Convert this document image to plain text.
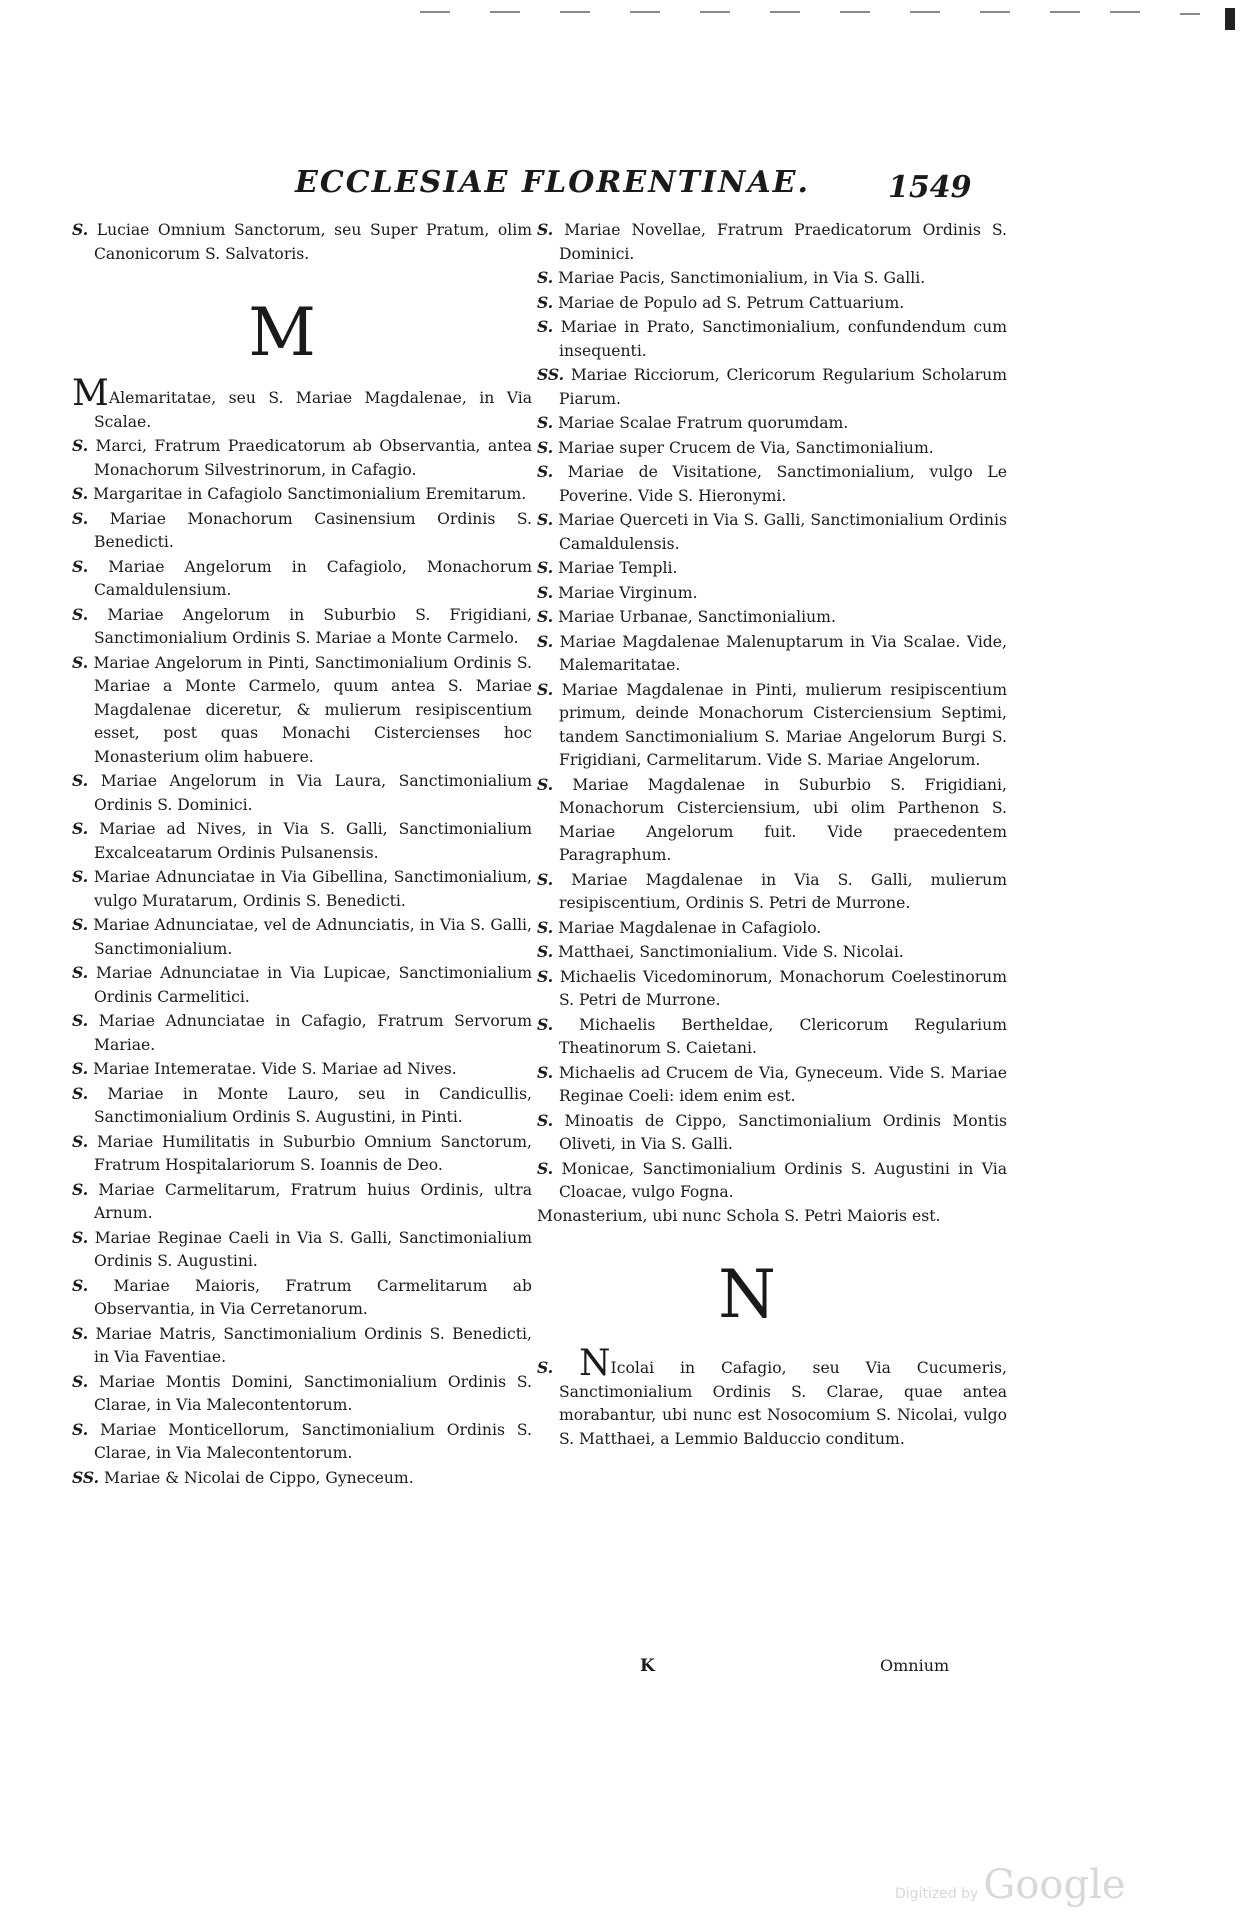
ECCLESIAE FLORENTINAE.	1549

S. Luciae Omnium Sanctorum, seu Super Pratum, olim Canonicorum S. Salvatoris.

M

MAlemaritatae, seu S. Mariae Magdalenae, in Via Scalae.

S. Marci, Fratrum Praedicatorum ab Observantia, antea Monachorum Silvestrinorum, in Cafagio.

S. Margaritae in Cafagiolo Sanctimonialium Eremitarum.

S. Mariae Monachorum Casinensium Ordinis S. Benedicti.

S. Mariae Angelorum in Cafagiolo, Monachorum Camaldulensium.

S. Mariae Angelorum in Suburbio S. Frigidiani, Sanctimonialium Ordinis S. Mariae a Monte Carmelo.

S. Mariae Angelorum in Pinti, Sanctimonialium Ordinis S. Mariae a Monte Carmelo, quum antea S. Mariae Magdalenae diceretur, & mulierum resipiscentium esset, post quas Monachi Cistercienses hoc Monasterium olim habuere.

S. Mariae Angelorum in Via Laura, Sanctimonialium Ordinis S. Dominici.

S. Mariae ad Nives, in Via S. Galli, Sanctimonialium Excalceatarum Ordinis Pulsanensis.

S. Mariae Adnunciatae in Via Gibellina, Sanctimonialium, vulgo Muratarum, Ordinis S. Benedicti.

S. Mariae Adnunciatae, vel de Adnunciatis, in Via S. Galli, Sanctimonialium.

S. Mariae Adnunciatae in Via Lupicae, Sanctimonialium Ordinis Carmelitici.

S. Mariae Adnunciatae in Cafagio, Fratrum Servorum Mariae.

S. Mariae Intemeratae. Vide S. Mariae ad Nives.

S. Mariae in Monte Lauro, seu in Candicullis, Sanctimonialium Ordinis S. Augustini, in Pinti.

S. Mariae Humilitatis in Suburbio Omnium Sanctorum, Fratrum Hospitalariorum S. Ioannis de Deo.

S. Mariae Carmelitarum, Fratrum huius Ordinis, ultra Arnum.

S. Mariae Reginae Caeli in Via S. Galli, Sanctimonialium Ordinis S. Augustini.

S. Mariae Maioris, Fratrum Carmelitarum ab Observantia, in Via Cerretanorum.

S. Mariae Matris, Sanctimonialium Ordinis S. Benedicti, in Via Faventiae.

S. Mariae Montis Domini, Sanctimonialium Ordinis S. Clarae, in Via Malecontentorum.

S. Mariae Monticellorum, Sanctimonialium Ordinis S. Clarae, in Via Malecontentorum.

SS. Mariae & Nicolai de Cippo, Gyneceum.

S. Mariae Novellae, Fratrum Praedicatorum Ordinis S. Dominici.

S. Mariae Pacis, Sanctimonialium, in Via S. Galli.

S. Mariae de Populo ad S. Petrum Cattuarium.

S. Mariae in Prato, Sanctimonialium, confundendum cum insequenti.

SS. Mariae Ricciorum, Clericorum Regularium Scholarum Piarum.

S. Mariae Scalae Fratrum quorumdam.

S. Mariae super Crucem de Via, Sanctimonialium.

S. Mariae de Visitatione, Sanctimonialium, vulgo Le Poverine. Vide S. Hieronymi.

S. Mariae Querceti in Via S. Galli, Sanctimonialium Ordinis Camaldulensis.

S. Mariae Templi.

S. Mariae Virginum.

S. Mariae Urbanae, Sanctimonialium.

S. Mariae Magdalenae Malenuptarum in Via Scalae. Vide, Malemaritatae.

S. Mariae Magdalenae in Pinti, mulierum resipiscentium primum, deinde Monachorum Cisterciensium Septimi, tandem Sanctimonialium S. Mariae Angelorum Burgi S. Frigidiani, Carmelitarum. Vide S. Mariae Angelorum.

S. Mariae Magdalenae in Suburbio S. Frigidiani, Monachorum Cisterciensium, ubi olim Parthenon S. Mariae Angelorum fuit. Vide praecedentem Paragraphum.

S. Mariae Magdalenae in Via S. Galli, mulierum resipiscentium, Ordinis S. Petri de Murrone.

S. Mariae Magdalenae in Cafagiolo.

S. Matthaei, Sanctimonialium. Vide S. Nicolai.

S. Michaelis Vicedominorum, Monachorum Coelestinorum S. Petri de Murrone.

S. Michaelis Bertheldae, Clericorum Regularium Theatinorum S. Caietani.

S. Michaelis ad Crucem de Via, Gyneceum. Vide S. Mariae Reginae Coeli: idem enim est.

S. Minoatis de Cippo, Sanctimonialium Ordinis Montis Oliveti, in Via S. Galli.

S. Monicae, Sanctimonialium Ordinis S. Augustini in Via Cloacae, vulgo Fogna.

Monasterium, ubi nunc Schola S. Petri Maioris est.

N

S. NIcolai in Cafagio, seu Via Cucumeris, Sanctimonialium Ordinis S. Clarae, quae antea morabantur, ubi nunc est Nosocomium S. Nicolai, vulgo S. Matthaei, a Lemmio Balduccio conditum.

K	Omnium
Digitized by Google
